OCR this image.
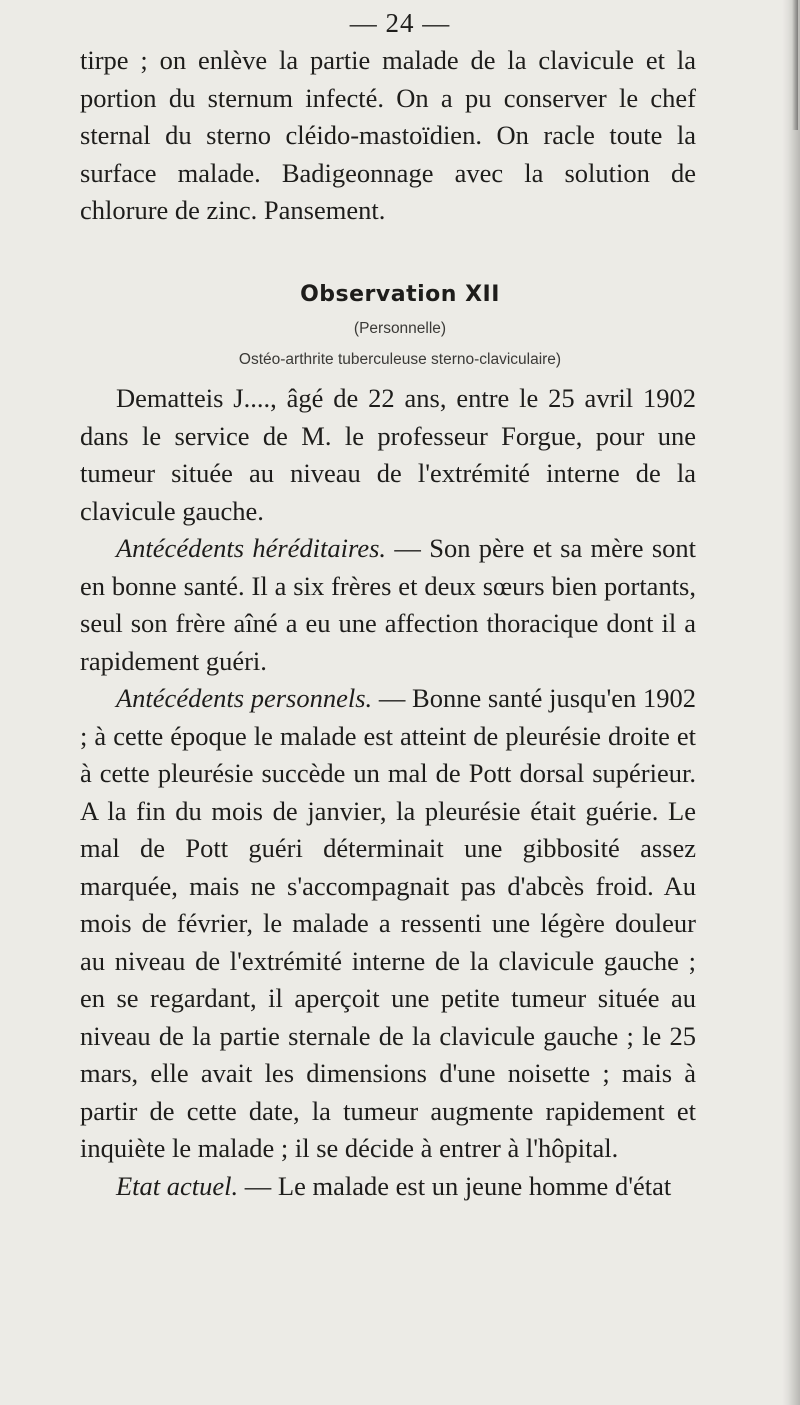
— 24 —

tirpe ; on enlève la partie malade de la clavicule et la portion du sternum infecté. On a pu conserver le chef sternal du sterno cléido-mastoïdien. On racle toute la surface malade. Badigeonnage avec la solution de chlorure de zinc. Pansement.

Observation XII
(Personnelle)
Ostéo-arthrite tuberculeuse sterno-claviculaire)

Dematteis J...., âgé de 22 ans, entre le 25 avril 1902 dans le service de M. le professeur Forgue, pour une tumeur située au niveau de l'extrémité interne de la clavicule gauche.

Antécédents héréditaires. — Son père et sa mère sont en bonne santé. Il a six frères et deux sœurs bien portants, seul son frère aîné a eu une affection thoracique dont il a rapidement guéri.

Antécédents personnels. — Bonne santé jusqu'en 1902 ; à cette époque le malade est atteint de pleurésie droite et à cette pleurésie succède un mal de Pott dorsal supérieur. A la fin du mois de janvier, la pleurésie était guérie. Le mal de Pott guéri déterminait une gibbosité assez marquée, mais ne s'accompagnait pas d'abcès froid. Au mois de février, le malade a ressenti une légère douleur au niveau de l'extrémité interne de la clavicule gauche ; en se regardant, il aperçoit une petite tumeur située au niveau de la partie sternale de la clavicule gauche ; le 25 mars, elle avait les dimensions d'une noisette ; mais à partir de cette date, la tumeur augmente rapidement et inquiète le malade ; il se décide à entrer à l'hôpital.

Etat actuel. — Le malade est un jeune homme d'état
